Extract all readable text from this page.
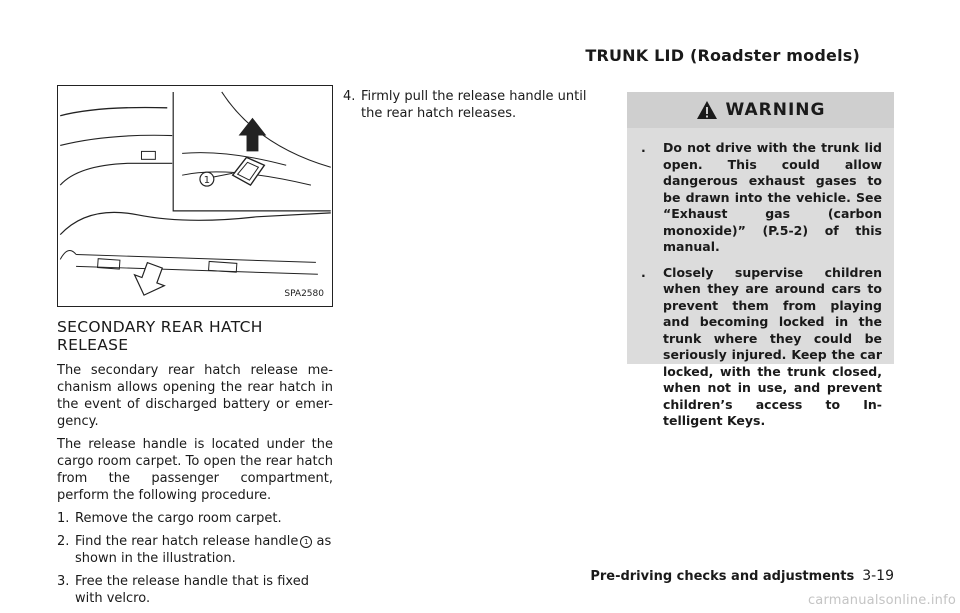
TRUNK LID (Roadster models)
1
SPA2580
SECONDARY REAR HATCH RELEASE

The secondary rear hatch release me-chanism allows opening the rear hatch in the event of discharged battery or emer-gency.

The release handle is located under the cargo room carpet. To open the rear hatch from the passenger compartment, perform the following procedure.

1. Remove the cargo room carpet.
2. Find the rear hatch release handle 1 as shown in the illustration.
3. Free the release handle that is fixed with velcro.
4. Firmly pull the release handle until the rear hatch releases.	WARNING
. Do not drive with the trunk lid open. This could allow dangerous exhaust gases to be drawn into the vehicle. See “Exhaust gas (carbon monoxide)” (P.5-2) of this manual.
. Closely supervise children when they are around cars to prevent them from playing and becoming locked in the trunk where they could be seriously injured. Keep the car locked, with the trunk closed, when not in use, and prevent children’s access to In-telligent Keys.
Pre-driving checks and adjustments 3-19
carmanualsonline.info
